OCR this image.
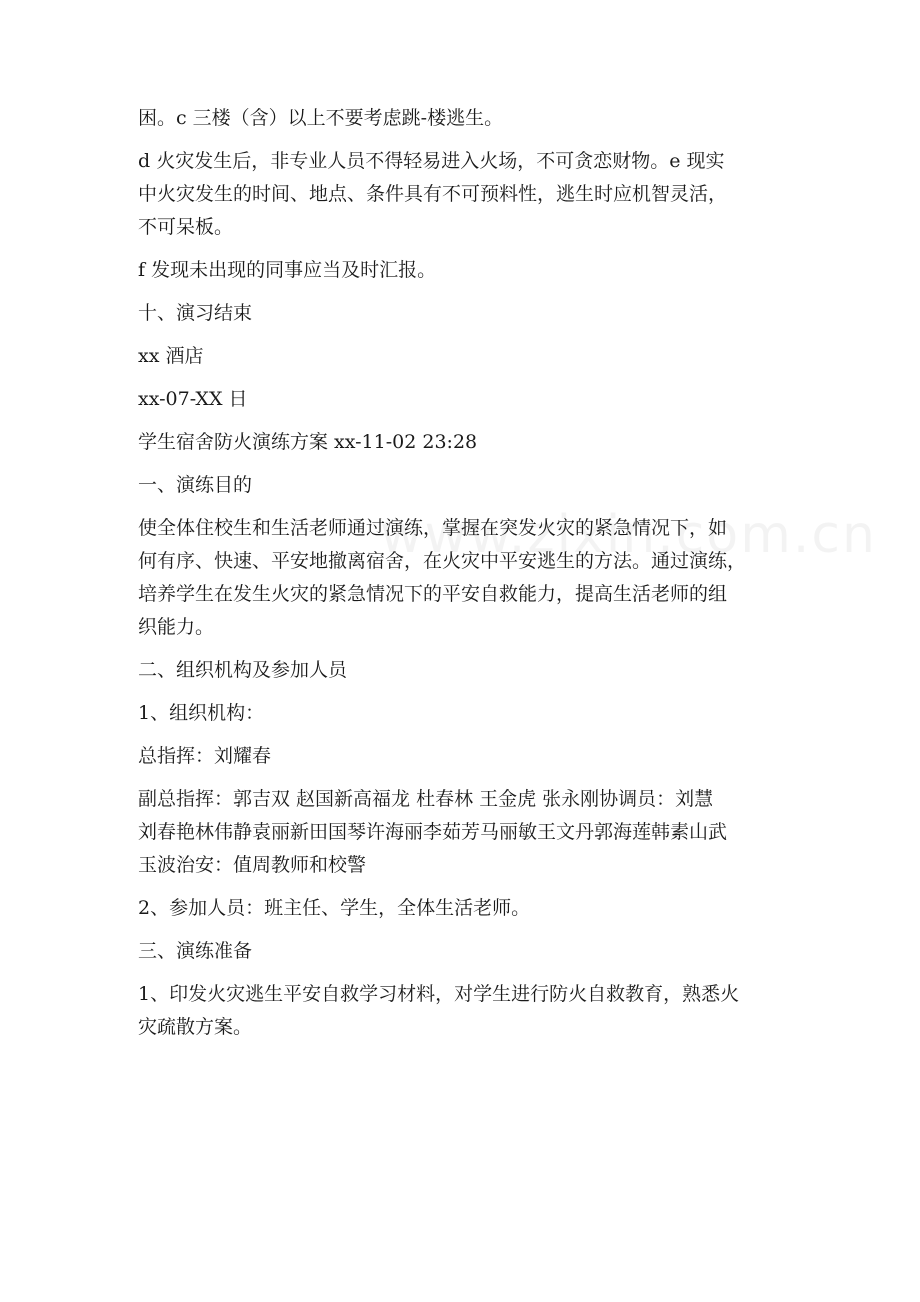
困。c 三楼（含）以上不要考虑跳-楼逃生。
d 火灾发生后，非专业人员不得轻易进入火场，不可贪恋财物。e 现实
中火灾发生的时间、地点、条件具有不可预料性，逃生时应机智灵活，
不可呆板。
f 发现未出现的同事应当及时汇报。
十、演习结束
xx 酒店
xx-07-XX 日
学生宿舍防火演练方案 xx-11-02 23:28
一、演练目的
使全体住校生和生活老师通过演练，掌握在突发火灾的紧急情况下，如
何有序、快速、平安地撤离宿舍，在火灾中平安逃生的方法。通过演练，
培养学生在发生火灾的紧急情况下的平安自救能力，提高生活老师的组
织能力。
二、组织机构及参加人员
1、组织机构：
总指挥：刘耀春
副总指挥：郭吉双 赵国新高福龙 杜春林 王金虎 张永刚协调员：刘慧
刘春艳林伟静袁丽新田国琴许海丽李茹芳马丽敏王文丹郭海莲韩素山武
玉波治安：值周教师和校警
2、参加人员：班主任、学生，全体生活老师。
三、演练准备
1、印发火灾逃生平安自救学习材料，对学生进行防火自救教育，熟悉火
灾疏散方案。
